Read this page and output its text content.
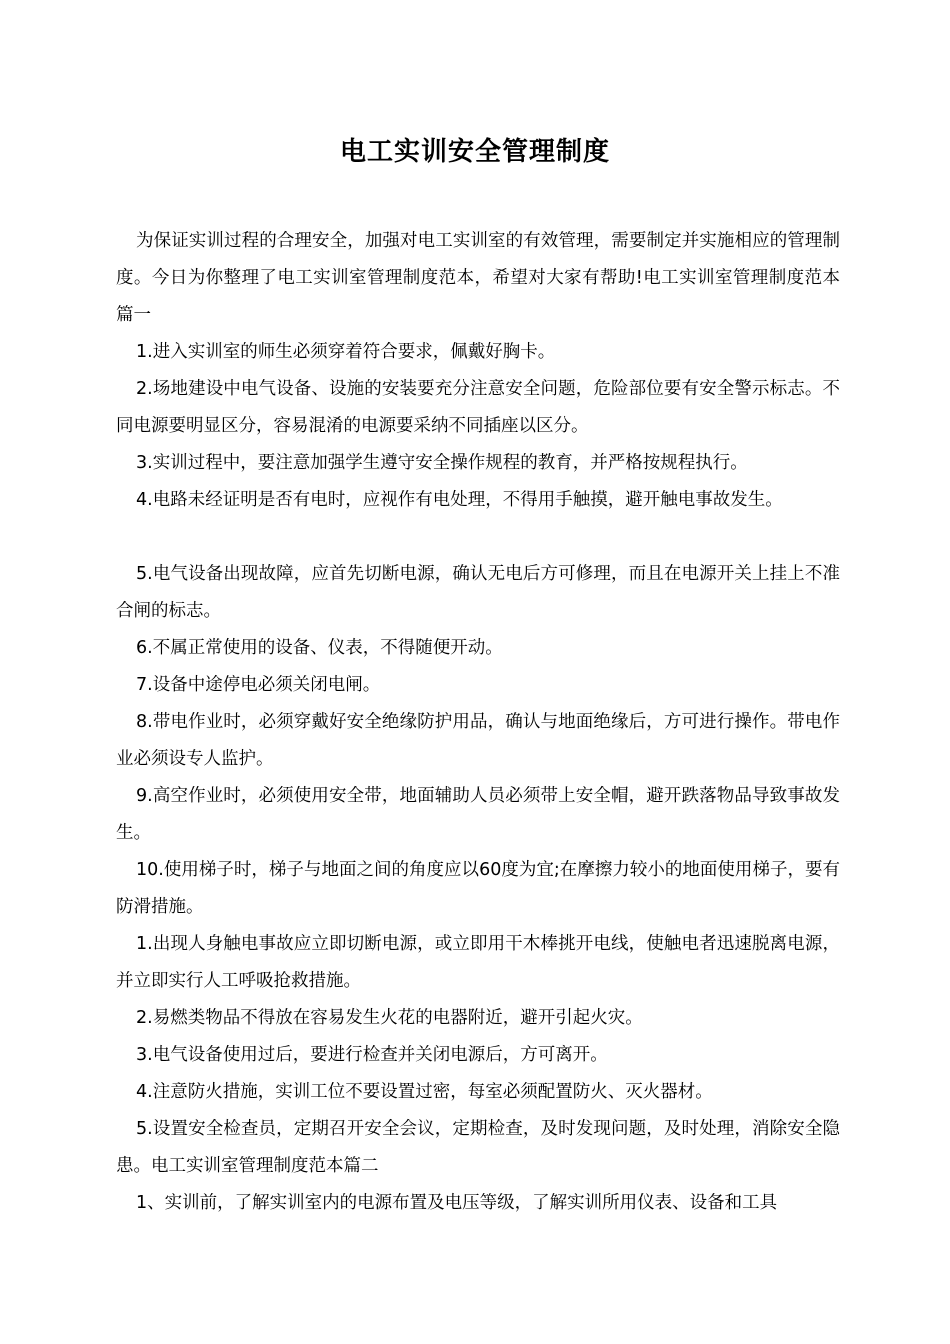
电工实训安全管理制度

为保证实训过程的合理安全，加强对电工实训室的有效管理，需要制定并实施相应的管理制度。今日为你整理了电工实训室管理制度范本，希望对大家有帮助!电工实训室管理制度范本篇一

1.进入实训室的师生必须穿着符合要求，佩戴好胸卡。

2.场地建设中电气设备、设施的安装要充分注意安全问题，危险部位要有安全警示标志。不同电源要明显区分，容易混淆的电源要采纳不同插座以区分。

3.实训过程中，要注意加强学生遵守安全操作规程的教育，并严格按规程执行。

4.电路未经证明是否有电时，应视作有电处理，不得用手触摸，避开触电事故发生。

5.电气设备出现故障，应首先切断电源，确认无电后方可修理，而且在电源开关上挂上不准合闸的标志。

6.不属正常使用的设备、仪表，不得随便开动。

7.设备中途停电必须关闭电闸。

8.带电作业时，必须穿戴好安全绝缘防护用品，确认与地面绝缘后，方可进行操作。带电作业必须设专人监护。

9.高空作业时，必须使用安全带，地面辅助人员必须带上安全帽，避开跌落物品导致事故发生。

10.使用梯子时，梯子与地面之间的角度应以60度为宜;在摩擦力较小的地面使用梯子，要有防滑措施。

1.出现人身触电事故应立即切断电源，或立即用干木棒挑开电线，使触电者迅速脱离电源，并立即实行人工呼吸抢救措施。

2.易燃类物品不得放在容易发生火花的电器附近，避开引起火灾。

3.电气设备使用过后，要进行检查并关闭电源后，方可离开。

4.注意防火措施，实训工位不要设置过密，每室必须配置防火、灭火器材。

5.设置安全检查员，定期召开安全会议，定期检查，及时发现问题，及时处理，消除安全隐患。电工实训室管理制度范本篇二

1、实训前，了解实训室内的电源布置及电压等级，了解实训所用仪表、设备和工具
